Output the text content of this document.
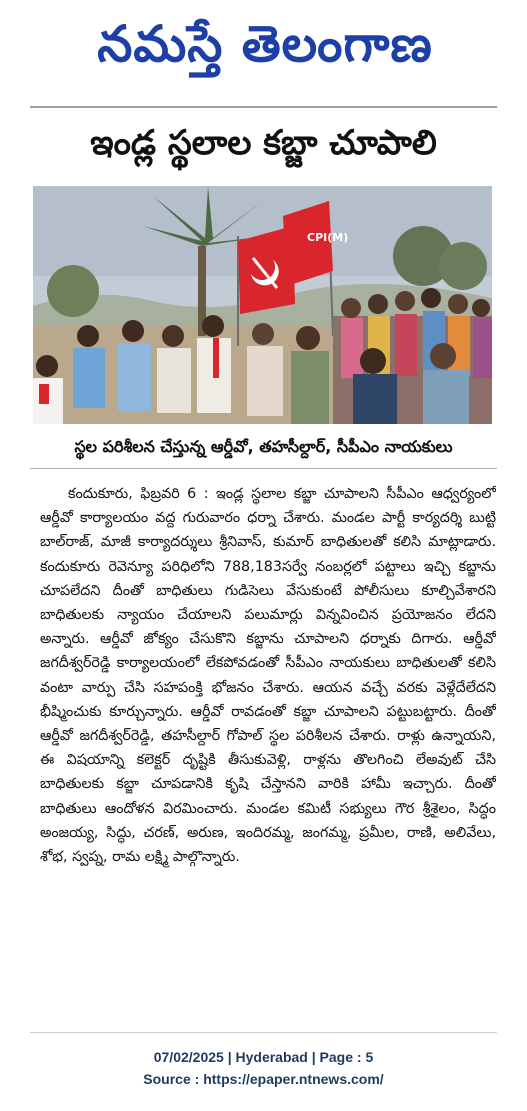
నమస్తే తెలంగాణ
ఇండ్ల స్థలాల కబ్జా చూపాలి
CPI(M)
స్థల పరిశీలన చేస్తున్న ఆర్డీవో, తహసీల్దార్, సీపీఎం నాయకులు

కందుకూరు, ఫిబ్రవరి 6 : ఇండ్ల స్థలాల కబ్జా చూపాలని సీపీఎం ఆధ్వర్యంలో ఆర్డీవో కార్యాలయం వద్ద గురువారం ధర్నా చేశారు. మండల పార్టీ కార్యదర్శి బుట్టి బాల్‌రాజ్, మాజీ కార్యాదర్శులు శ్రీనివాస్, కుమార్ బాధితులతో కలిసి మాట్లాడారు. కందుకూరు రెవెన్యూ పరిధిలోని 788,183సర్వే నంబర్లలో పట్టాలు ఇచ్చి కబ్జాను చూపలేదని దీంతో బాధితులు గుడిసెలు వేసుకుంటే పోలీసులు కూల్చివేశారని బాధితులకు న్యాయం చేయాలని పలుమార్లు విన్నవించిన ప్రయోజనం లేదని అన్నారు. ఆర్డీవో జోక్యం చేసుకొని కబ్జాను చూపాలని ధర్నాకు దిగారు. ఆర్డీవో జగదీశ్వర్‌రెడ్డి కార్యాలయంలో లేకపోవడంతో సీపీఎం నాయకులు బాధితులతో కలిసి వంటా వార్పు చేసి సహపంక్తి భోజనం చేశారు. ఆయన వచ్చే వరకు వెళ్లేదేలేదని భీష్మించుకు కూర్చున్నారు. ఆర్డీవో రావడంతో కబ్జా చూపాలని పట్టుబట్టారు. దీంతో ఆర్డీవో జగదీశ్వర్‌రెడ్డి, తహసీల్దార్ గోపాల్ స్థల పరిశీలన చేశారు. రాళ్లు ఉన్నాయని, ఈ విషయాన్ని కలెక్టర్ దృష్టికి తీసుకువెళ్లి, రాళ్లను తొలగించి లేఅవుట్ చేసి బాధితులకు కబ్జా చూపడానికి కృషి చేస్తానని వారికి హామీ ఇచ్చారు. దీంతో బాధితులు ఆందోళన విరమించారు. మండల కమిటీ సభ్యులు గౌర శ్రీశైలం, సిద్ధం అంజయ్య, సిద్ధు, చరణ్, అరుణ, ఇందిరమ్మ, జంగమ్మ, ప్రమీల, రాణి, అలివేలు, శోభ, స్వప్న, రామ లక్ష్మి పాల్గొన్నారు.

07/02/2025 | Hyderabad | Page : 5
Source : https://epaper.ntnews.com/
